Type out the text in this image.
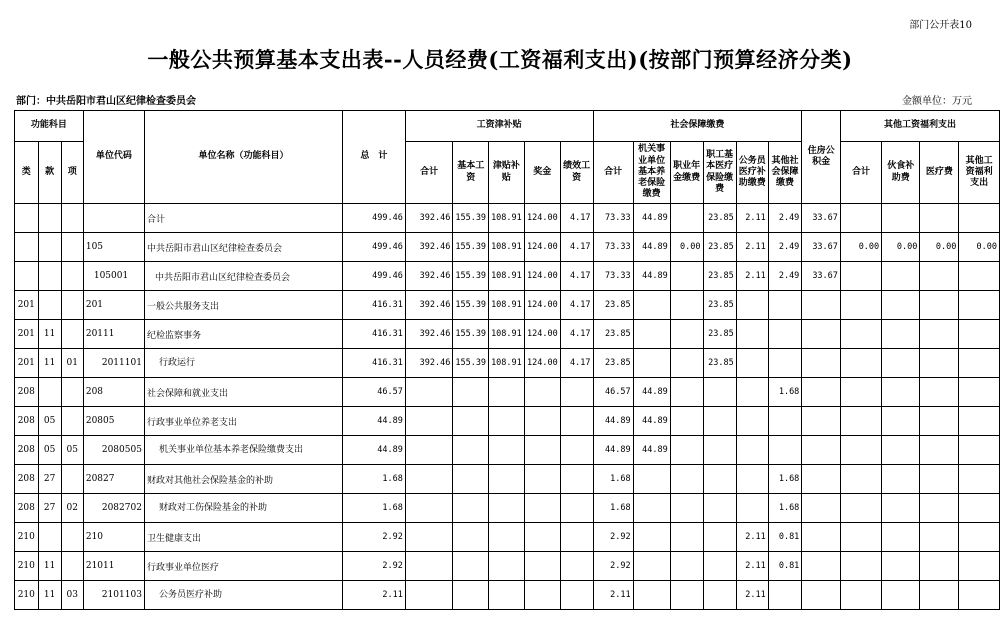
部门公开表10
一般公共预算基本支出表--人员经费(工资福利支出)(按部门预算经济分类)
部门：中共岳阳市君山区纪律检查委员会	金额单位：万元
功能科目			单位代码	单位名称（功能科目）	总　计	工资津补贴					社会保障缴费						住房公积金	其他工资福利支出			
类	款	项				合计	基本工资	津贴补贴	奖金	绩效工资	合计	机关事业单位基本养老保险缴费	职业年金缴费	职工基本医疗保险缴费	公务员医疗补助缴费	其他社会保障缴费		合计	伙食补助费	医疗费	其他工资福利支出
				合计	499.46	392.46	155.39	108.91	124.00	4.17	73.33	44.89		23.85	2.11	2.49	33.67				
			105	中共岳阳市君山区纪律检查委员会	499.46	392.46	155.39	108.91	124.00	4.17	73.33	44.89	0.00	23.85	2.11	2.49	33.67	0.00	0.00	0.00	0.00
			105001	中共岳阳市君山区纪律检查委员会	499.46	392.46	155.39	108.91	124.00	4.17	73.33	44.89		23.85	2.11	2.49	33.67				
201			201	一般公共服务支出	416.31	392.46	155.39	108.91	124.00	4.17	23.85			23.85							
201	11		20111	纪检监察事务	416.31	392.46	155.39	108.91	124.00	4.17	23.85			23.85							
201	11	01	2011101	行政运行	416.31	392.46	155.39	108.91	124.00	4.17	23.85			23.85							
208			208	社会保障和就业支出	46.57						46.57	44.89				1.68					
208	05		20805	行政事业单位养老支出	44.89						44.89	44.89									
208	05	05	2080505	机关事业单位基本养老保险缴费支出	44.89						44.89	44.89									
208	27		20827	财政对其他社会保险基金的补助	1.68						1.68					1.68					
208	27	02	2082702	财政对工伤保险基金的补助	1.68						1.68					1.68					
210			210	卫生健康支出	2.92						2.92				2.11	0.81					
210	11		21011	行政事业单位医疗	2.92						2.92				2.11	0.81					
210	11	03	2101103	公务员医疗补助	2.11						2.11				2.11						
